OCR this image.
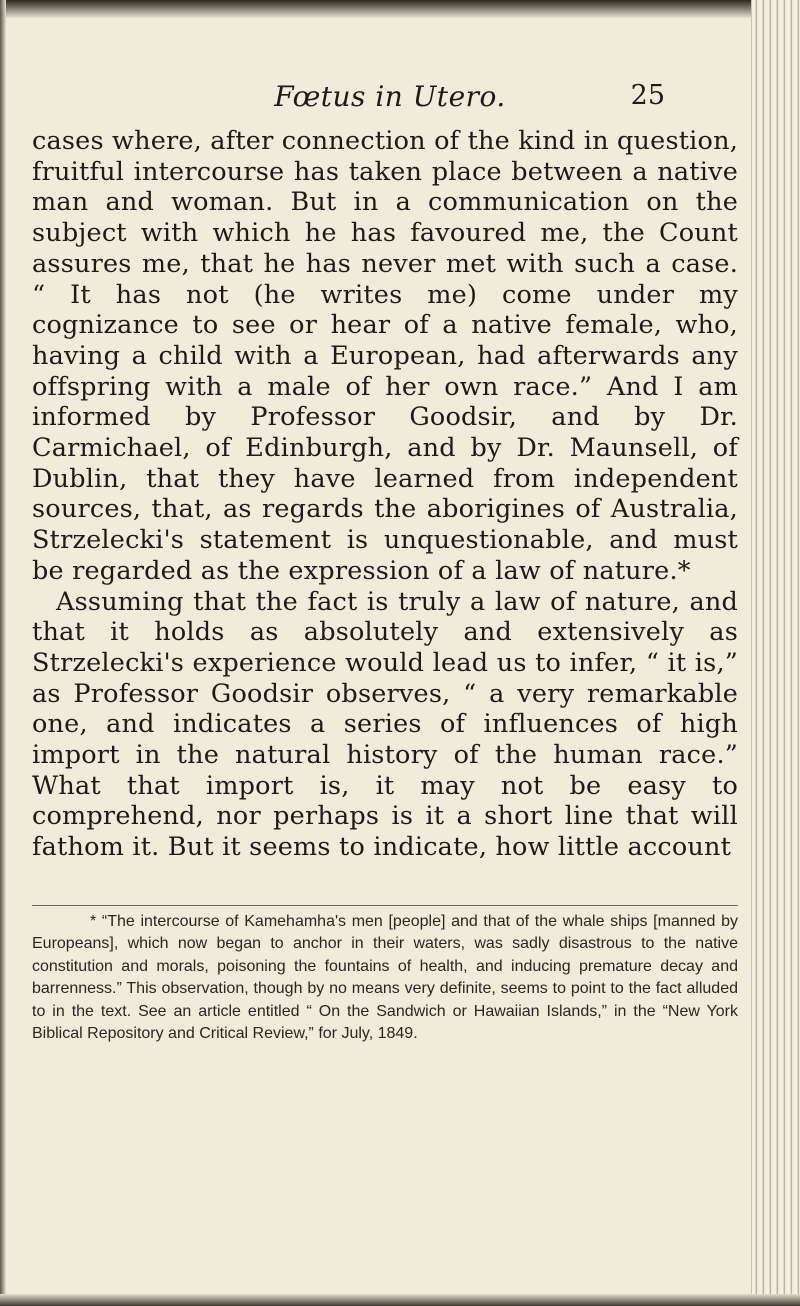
Fœtus in Utero.	25

cases where, after connection of the kind in question, fruitful intercourse has taken place between a native man and woman. But in a communication on the subject with which he has favoured me, the Count assures me, that he has never met with such a case. “ It has not (he writes me) come under my cognizance to see or hear of a native female, who, having a child with a European, had afterwards any offspring with a male of her own race.” And I am informed by Professor Goodsir, and by Dr. Carmichael, of Edinburgh, and by Dr. Maunsell, of Dublin, that they have learned from independent sources, that, as regards the aborigines of Australia, Strzelecki's statement is unquestionable, and must be regarded as the expression of a law of nature.*

Assuming that the fact is truly a law of nature, and that it holds as absolutely and extensively as Strzelecki's experience would lead us to infer, “ it is,” as Professor Goodsir observes, “ a very remarkable one, and indicates a series of influences of high import in the natural history of the human race.” What that import is, it may not be easy to comprehend, nor perhaps is it a short line that will fathom it. But it seems to indicate, how little account

* “The intercourse of Kamehamha's men [people] and that of the whale ships [manned by Europeans], which now began to anchor in their waters, was sadly disastrous to the native constitution and morals, poisoning the fountains of health, and inducing premature decay and barrenness.” This observation, though by no means very definite, seems to point to the fact alluded to in the text. See an article entitled “ On the Sandwich or Hawaiian Islands,” in the “New York Biblical Repository and Critical Review,” for July, 1849.
